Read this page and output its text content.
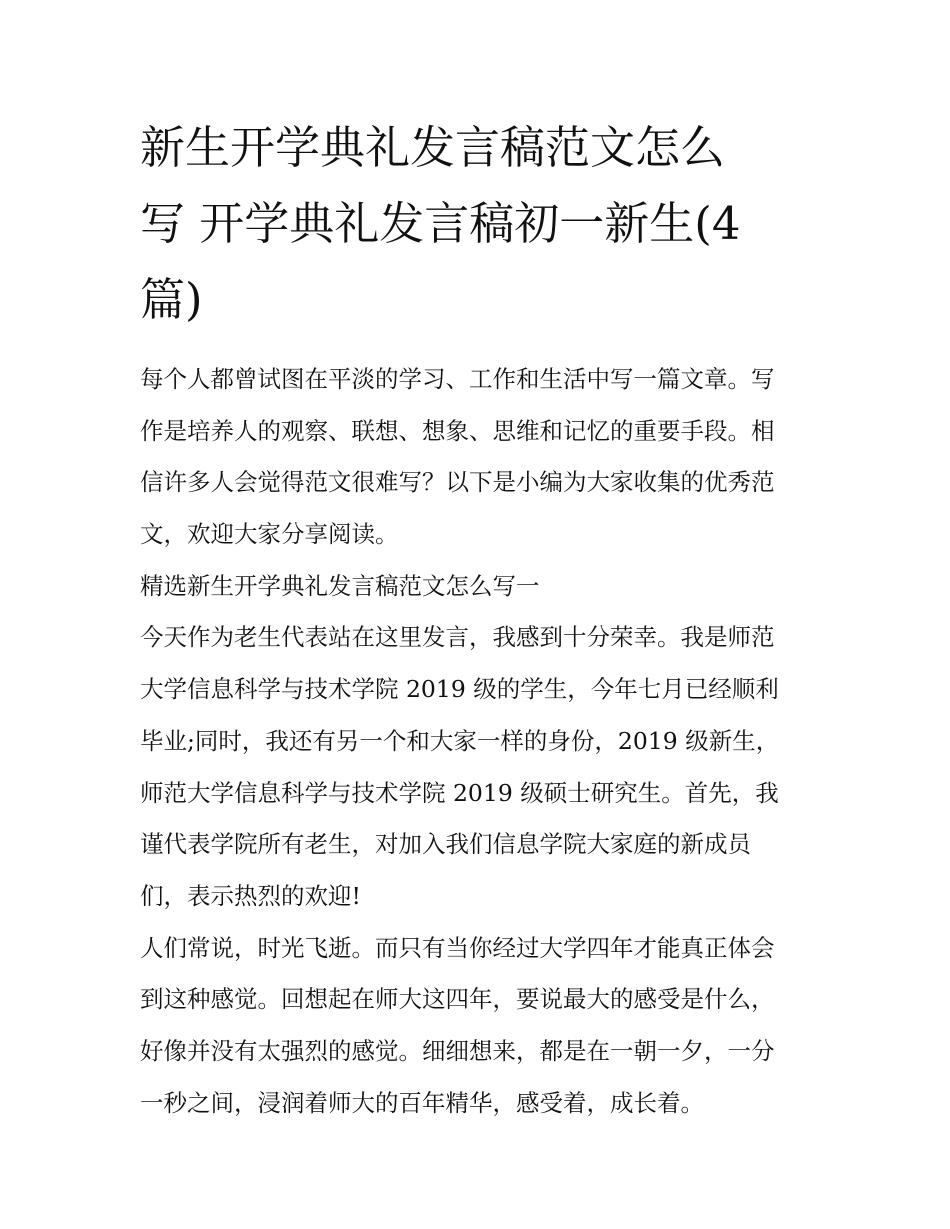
新生开学典礼发言稿范文怎么
写 开学典礼发言稿初一新生(4
篇)
每个人都曾试图在平淡的学习、工作和生活中写一篇文章。写
作是培养人的观察、联想、想象、思维和记忆的重要手段。相
信许多人会觉得范文很难写？以下是小编为大家收集的优秀范
文，欢迎大家分享阅读。
精选新生开学典礼发言稿范文怎么写一
今天作为老生代表站在这里发言，我感到十分荣幸。我是师范
大学信息科学与技术学院 2019 级的学生，今年七月已经顺利
毕业;同时，我还有另一个和大家一样的身份，2019 级新生，
师范大学信息科学与技术学院 2019 级硕士研究生。首先，我
谨代表学院所有老生，对加入我们信息学院大家庭的新成员
们，表示热烈的欢迎!
人们常说，时光飞逝。而只有当你经过大学四年才能真正体会
到这种感觉。回想起在师大这四年，要说最大的感受是什么，
好像并没有太强烈的感觉。细细想来，都是在一朝一夕，一分
一秒之间，浸润着师大的百年精华，感受着，成长着。
